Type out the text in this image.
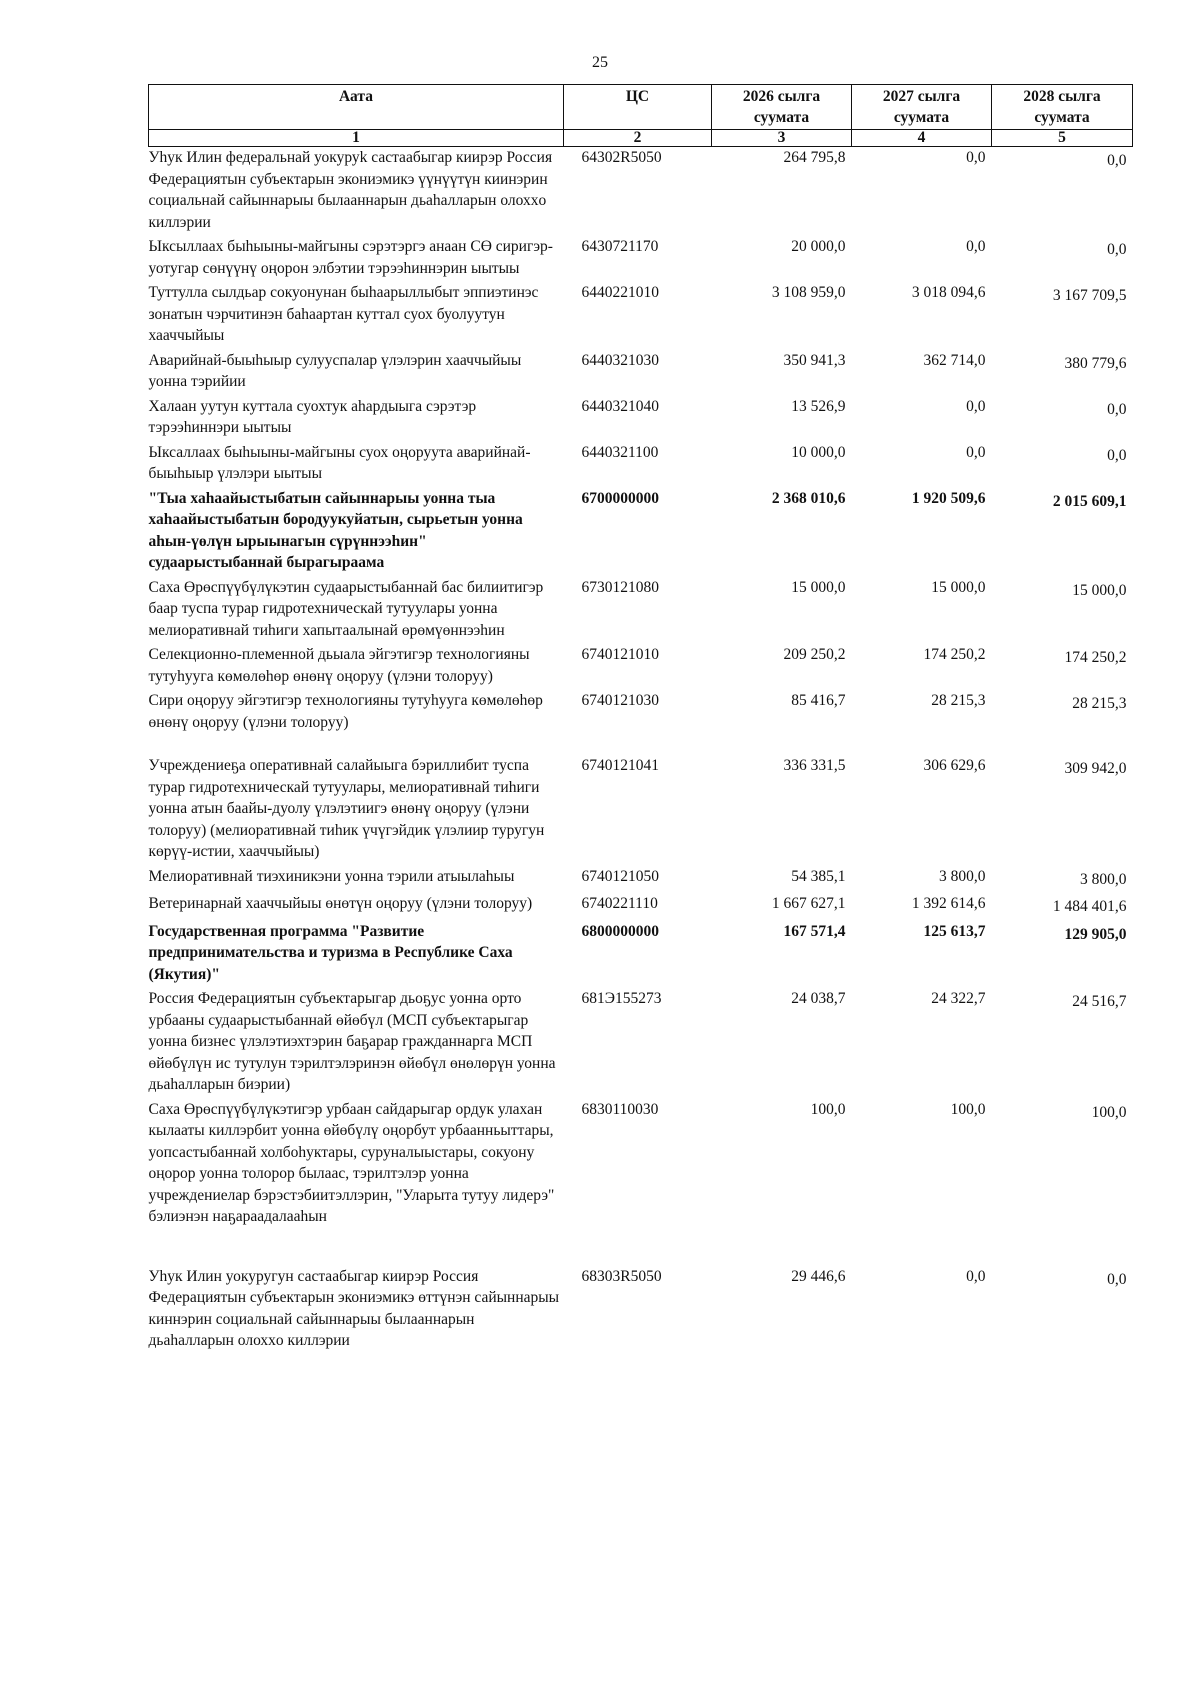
25
Аата	ЦС	2026 сылга суумата	2027 сылга суумата	2028 сылга суумата
1	2	3	4	5
Уһук Илин федеральнай уокуруk састаабыгар киирэр Россия Федерациятын субъектарын экониэмикэ үүнүүтүн киинэрин социальнай сайыннарыы былааннарын дьаһалларын олохxо киллэрии	64302R5050	264 795,8	0,0	0,0
Ыксыллаах быһыыны-майгыны сэрэтэргэ анаан СӨ сиригэр-уотугар сөнүүнү оңорон элбэтии тэрээһиннэрин ыытыы	6430721170	20 000,0	0,0	0,0
Туттулла сылдьар сокуонунан быһаарыллыбыт эппиэтинэс зонатын чэрчитинэн баһаартан куттал суох буолуутун хааччыйыы	6440221010	3 108 959,0	3 018 094,6	3 167 709,5
Аварийнай-быыһыыр сулууспалар үлэлэрин хааччыйыы уонна тэрийии	6440321030	350 941,3	362 714,0	380 779,6
Халаан уутун куттала суохтук аһардыыга сэрэтэр тэрээһиннэри ыытыы	6440321040	13 526,9	0,0	0,0
Ыксаллаах быһыыны-майгыны суох оңоруута аварийнай-быыһыыр үлэлэри ыытыы	6440321100	10 000,0	0,0	0,0
"Тыа хаһаайыстыбатын сайыннарыы уонна тыа хаһаайыстыбатын бородуукуйатын, сырьетын уонна аһын-үөлүн ырыынагын сүрүннээһин" судаарыстыбаннай бырагыраама	6700000000	2 368 010,6	1 920 509,6	2 015 609,1
Саха Өрөспүүбүлүкэтин судаарыстыбаннай бас билиитигэр баар туспа турар гидротехническай тутуулары уонна мелиоративнай тиһиги хапытаалынай өрөмүөннээһин	6730121080	15 000,0	15 000,0	15 000,0
Селекционно-племенной дьыала эйгэтигэр технологияны тутуһууга көмөлөһөр өнөнү оңоруу (үлэни толоруу)	6740121010	209 250,2	174 250,2	174 250,2
Сири оңоруу эйгэтигэр технологияны тутуһууга көмөлөһөр өнөнү оңоруу (үлэни толоруу)	6740121030	85 416,7	28 215,3	28 215,3
Учреждениеҕа оперативнай салайыыга бэриллибит туспа турар гидротехническай тутуулары, мелиоративнай тиһиги уонна атын баайы-дуолу үлэлэтиигэ өнөнү оңоруу (үлэни толоруу) (мелиоративнай тиһик үчүгэйдик үлэлиир туругун көрүү-истии, хааччыйыы)	6740121041	336 331,5	306 629,6	309 942,0
Мелиоративнай тиэхиникэни уонна тэрили атыылаһыы	6740121050	54 385,1	3 800,0	3 800,0
Ветеринарнай хааччыйыы өнөтүн оңоруу (үлэни толоруу)	6740221110	1 667 627,1	1 392 614,6	1 484 401,6
Государственная программа "Развитие предпринимательства и туризма в Республике Саха (Якутия)"	6800000000	167 571,4	125 613,7	129 905,0
Россия Федерациятын субъектарыгар дьоҕус уонна орто урбааны судаарыстыбаннай өйөбүл (МСП субъектарыгар уонна бизнес үлэлэтиэхтэрин баҕарар гражданнарга МСП өйөбүлүн ис тутулун тэрилтэлэринэн өйөбүл өнөлөрүн уонна дьаһалларын биэрии)	681Э155273	24 038,7	24 322,7	24 516,7
Саха Өрөспүүбүлүкэтигэр урбаан сайдарыгар ордук улахан кылааты киллэрбит уонна өйөбүлү оңорбут урбаанньыттары, уопсастыбаннай холбоһуктары, суруналыыстары, сокуону оңорор уонна толорор былаас, тэрилтэлэр уонна учреждениелар бэрэстэбиитэллэрин, "Уларыта тутуу лидерэ" бэлиэнэн наҕараадалааһын	6830110030	100,0	100,0	100,0
Уһук Илин уокуругун састаабыгар киирэр Россия Федерациятын субъектарын экониэмикэ өттүнэн сайыннарыы киннэрин социальнай сайыннарыы былааннарын дьаһалларын олохxо киллэрии	68303R5050	29 446,6	0,0	0,0
